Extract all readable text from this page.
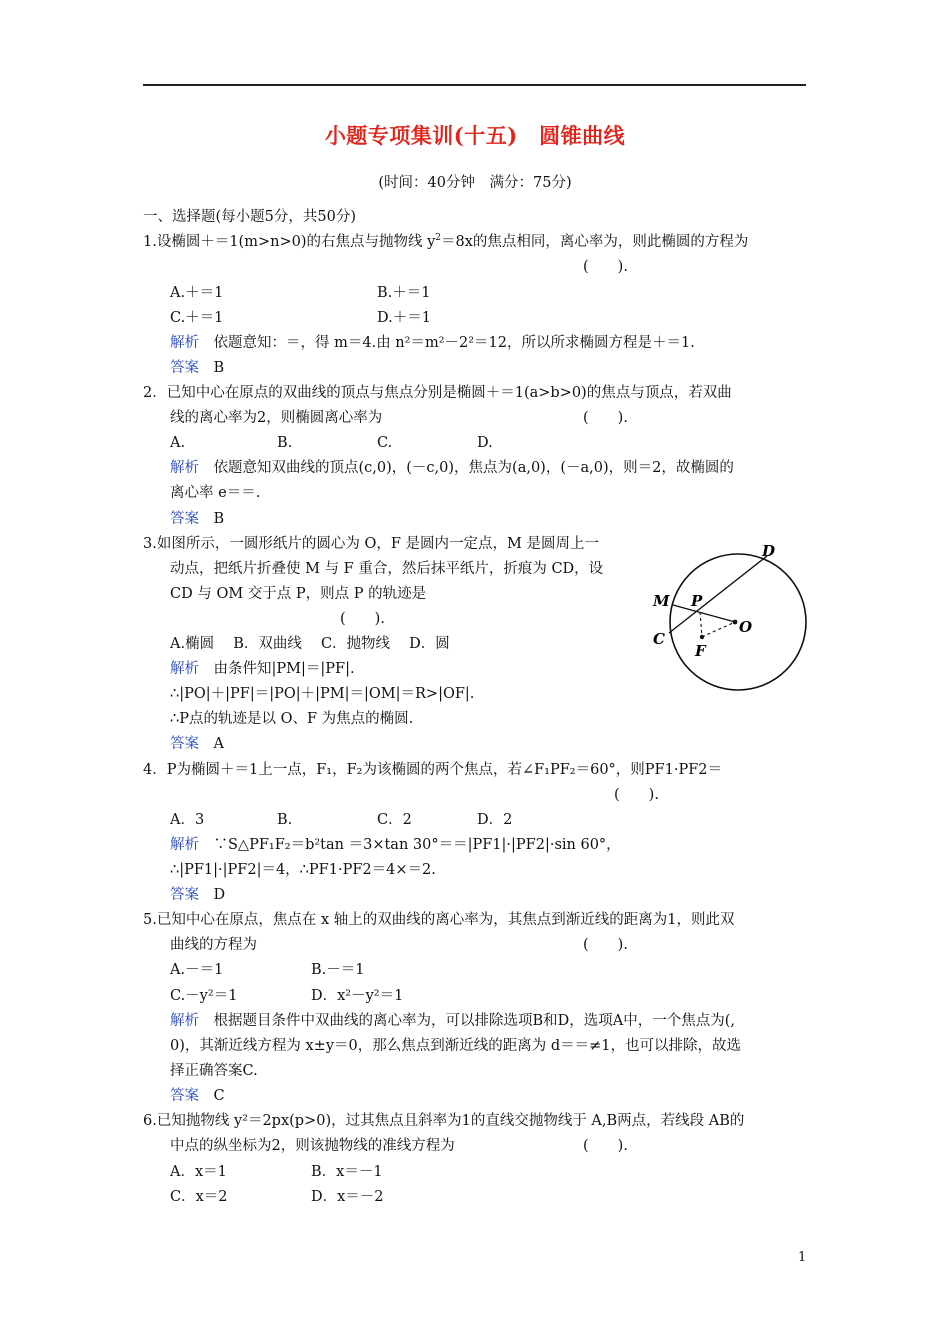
小题专项集训(十五)　圆锥曲线
(时间：40分钟　满分：75分)
一、选择题(每小题5分，共50分)
1.设椭圆＋＝1(m>n>0)的右焦点与抛物线 $y^2=8x$的焦点相同，离心率为，则此椭圆的方程为
(　　).
A.＋＝1	B.＋＝1
C.＋＝1	D.＋＝1
解析　 依题意知：＝，得 m＝4.由 n²＝m²－2²＝12，所以所求椭圆方程是＋＝1.
答案　 B
2．已知中心在原点的双曲线的顶点与焦点分别是椭圆＋＝1(a>b>0)的焦点与顶点，若双曲
线的离心率为2，则椭圆离心率为	(　　).
A.	B.	C.	D.
解析　 依题意知双曲线的顶点(c,0)，(－c,0)，焦点为(a,0)，(－a,0)，则＝2，故椭圆的
离心率 e＝＝.
答案　 B
3.如图所示，一圆形纸片的圆心为 O，F 是圆内一定点，M 是圆周上一
动点，把纸片折叠使 M 与 F 重合，然后抹平纸片，折痕为 CD，设
CD 与 OM 交于点 P，则点 P 的轨迹是
(　　).
A.椭圆　 B．双曲线　 C．抛物线　 D．圆
解析　 由条件知|PM|＝|PF|.
∴|PO|＋|PF|＝|PO|＋|PM|＝|OM|＝R>|OF|.
∴P点的轨迹是以 O、F 为焦点的椭圆.
答案　 A
D
M P
O
C
F
4．P为椭圆＋＝1上一点，F₁，F₂为该椭圆的两个焦点，若∠F₁PF₂＝60°，则PF1·PF2＝
(　　).
A．3	B.	C．2	D．2
解析　 ∵S△PF₁F₂＝b²tan ＝3×tan 30°＝＝|PF1|·|PF2|·sin 60°，
∴|PF1|·|PF2|＝4，∴PF1·PF2＝4×＝2.
答案　 D
5.已知中心在原点，焦点在 x 轴上的双曲线的离心率为，其焦点到渐近线的距离为1，则此双
曲线的方程为	(　　).
A.－＝1	B.－＝1
C.－y²＝1	D．x²－y²＝1
解析　 根据题目条件中双曲线的离心率为，可以排除选项B和D，选项A中，一个焦点为(,
0)，其渐近线方程为 x±y＝0，那么焦点到渐近线的距离为 d＝＝≠1，也可以排除，故选
择正确答案C.
答案　 C
6.已知抛物线 y²＝2px(p>0)，过其焦点且斜率为1的直线交抛物线于 A,B两点，若线段 AB的
中点的纵坐标为2，则该抛物线的准线方程为	(　　).
A．x＝1	B．x＝－1
C．x＝2	D．x＝－2
1
